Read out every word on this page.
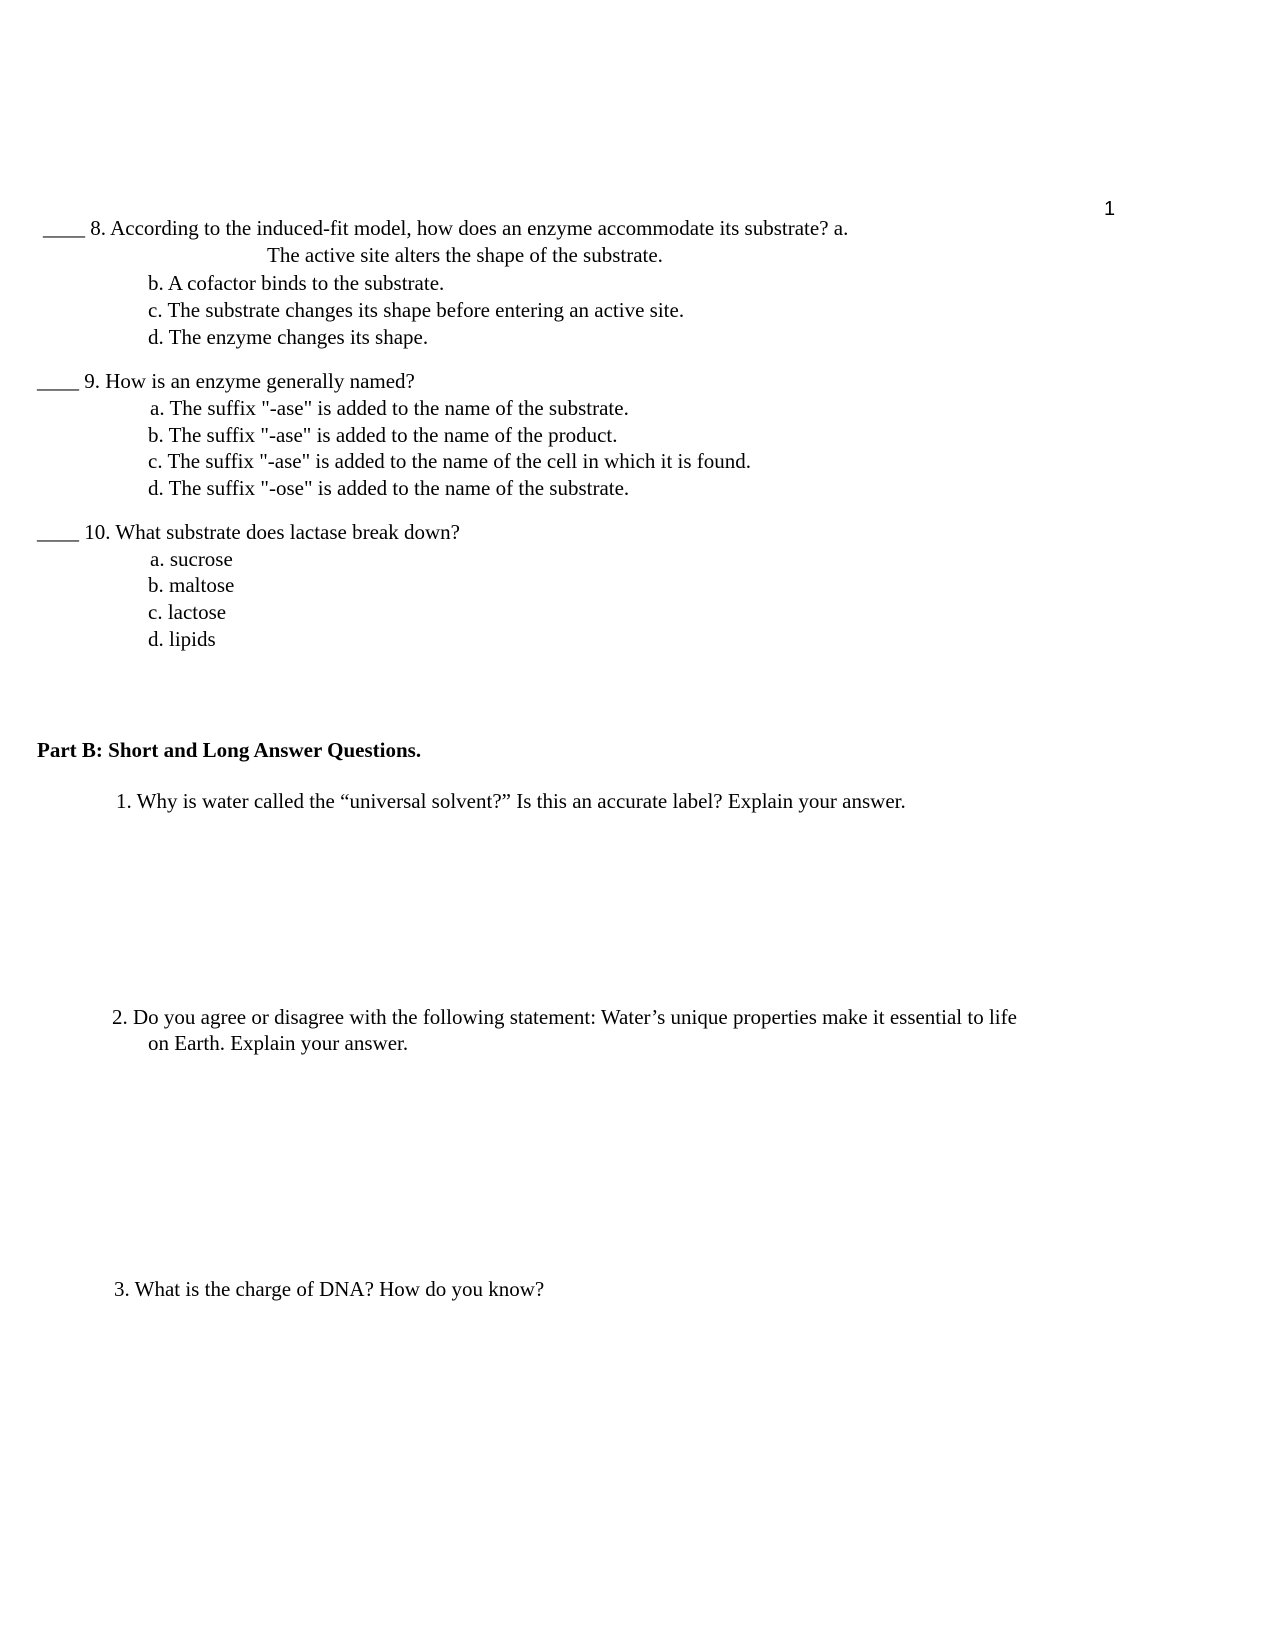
1
____ 8. According to the induced-fit model, how does an enzyme accommodate its substrate? a.
The active site alters the shape of the substrate.
b. A cofactor binds to the substrate.
c. The substrate changes its shape before entering an active site.
d. The enzyme changes its shape.
____ 9. How is an enzyme generally named?
a. The suffix "-ase" is added to the name of the substrate.
b. The suffix "-ase" is added to the name of the product.
c. The suffix "-ase" is added to the name of the cell in which it is found.
d. The suffix "-ose" is added to the name of the substrate.
____ 10. What substrate does lactase break down?
a. sucrose
b. maltose
c. lactose
d. lipids
Part B: Short and Long Answer Questions.
1. Why is water called the “universal solvent?” Is this an accurate label? Explain your answer.
2. Do you agree or disagree with the following statement: Water’s unique properties make it essential to life
on Earth. Explain your answer.
3. What is the charge of DNA? How do you know?
